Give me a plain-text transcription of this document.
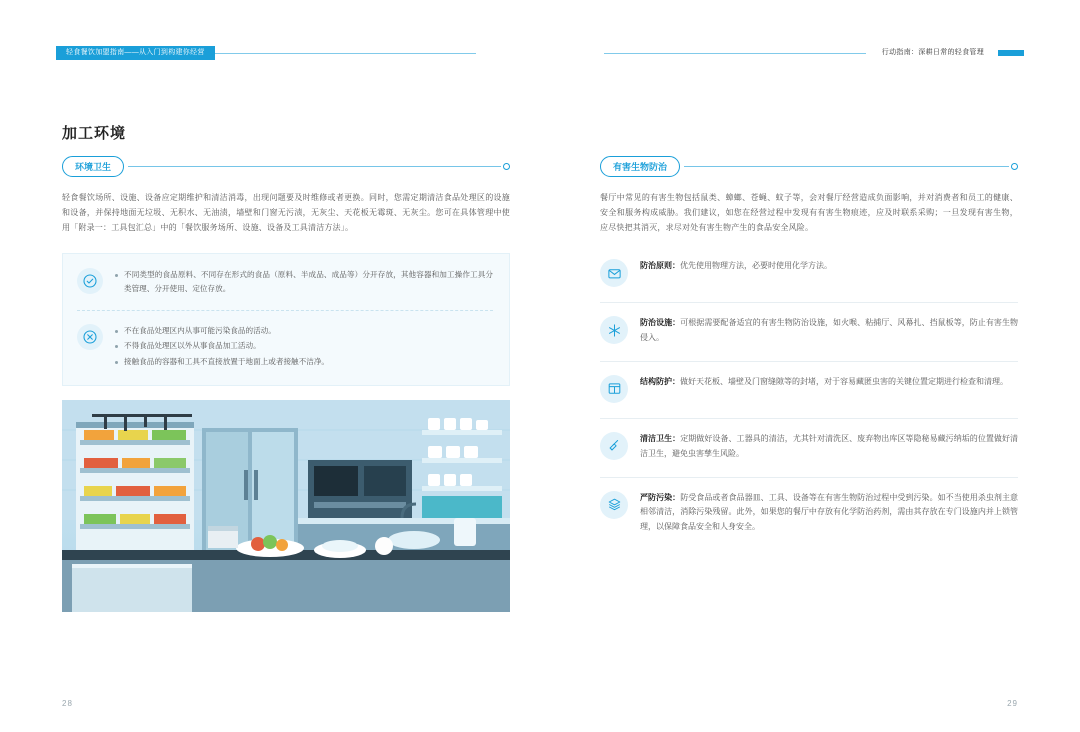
轻食餐饮加盟指南——从入门到构建你经营	行动指南：深耕日常的轻食管理
加工环境
环境卫生
轻食餐饮场所、设施、设备应定期维护和清洁消毒，出现问题要及时维修或者更换。同时，您需定期清洁食品处理区的设施和设备，并保持地面无垃圾、无积水、无油渍，墙壁和门窗无污渍，无灰尘、天花板无霉斑、无灰尘。您可在具体管理中使用「附录一：工具包汇总」中的「餐饮服务场所、设施、设备及工具清洁方法」。
不同类型的食品原料、不同存在形式的食品（原料、半成品、成品等）分开存放，其他容器和加工操作工具分类管理、分开使用、定位存放。
不在食品处理区内从事可能污染食品的活动。
不得食品处理区以外从事食品加工活动。
接触食品的容器和工具不直接放置于地面上或者接触不洁净。
有害生物防治
餐厅中常见的有害生物包括鼠类、蟑螂、苍蝇、蚊子等，会对餐厅经营造成负面影响，并对消费者和员工的健康、安全和服务构成威胁。我们建议，如您在经营过程中发现有有害生物痕迹，应及时联系采购；一旦发现有害生物，应尽快把其消灭，求尽对处有害生物产生的食品安全风险。
防治原则：优先使用物理方法，必要时使用化学方法。
防治设施：可根据需要配备适宜的有害生物防治设施，如火喉、粘捕厅、风幕扎、挡鼠板等，防止有害生物侵入。
结构防护：做好天花板、墙壁及门窗缝隙等的封堵，对于容易藏匿虫害的关键位置定期进行检查和清理。
清洁卫生：定期做好设备、工器具的清洁，尤其针对清洗区、废弃物出库区等隐秘易藏污纳垢的位置做好清洁卫生，避免虫害孳生风险。
严防污染：防受食品或者食品器皿、工具、设备等在有害生物防治过程中受到污染。如不当使用杀虫剂主意相邻清洁，消除污染残留。此外，如果您的餐厅中存放有化学防治药剂，需由其存放在专门设施内并上锁管理，以保障食品安全和人身安全。
28	29
